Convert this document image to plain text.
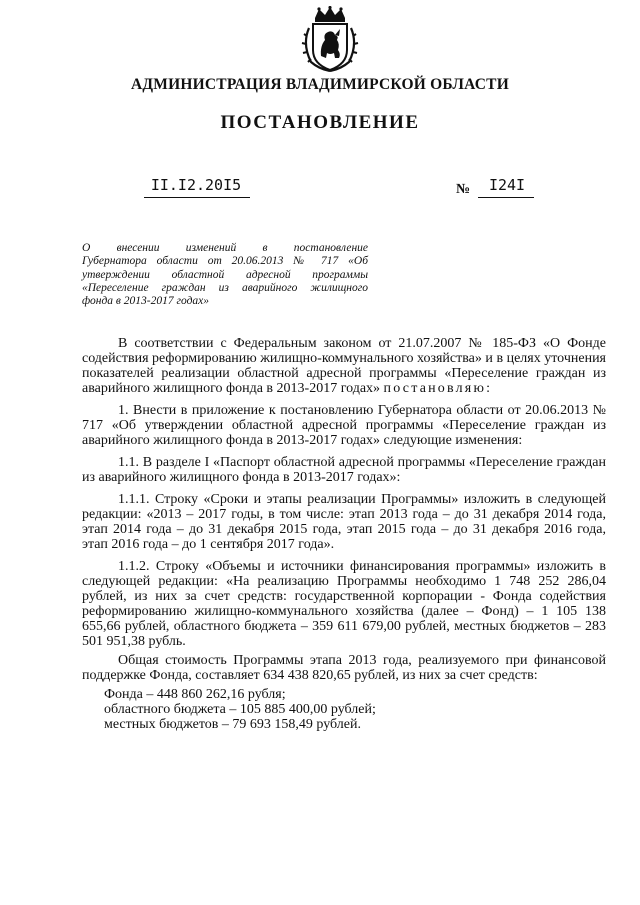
АДМИНИСТРАЦИЯ ВЛАДИМИРСКОЙ ОБЛАСТИ
ПОСТАНОВЛЕНИЕ
II.I2.20I5	№	I24I
О внесении изменений в постановление
Губернатора области от 20.06.2013 № 717 «Об
утверждении областной адресной программы
«Переселение граждан из аварийного жилищного
фонда в 2013-2017 годах»

В соответствии с Федеральным законом от 21.07.2007 № 185-ФЗ «О Фонде содействия реформированию жилищно-коммунального хозяйства» и в целях уточнения показателей реализации областной адресной программы «Переселение граждан из аварийного жилищного фонда в 2013-2017 годах» постановляю:

1. Внести в приложение к постановлению Губернатора области от 20.06.2013 № 717 «Об утверждении областной адресной программы «Переселение граждан из аварийного жилищного фонда в 2013-2017 годах» следующие изменения:

1.1. В разделе I «Паспорт областной адресной программы «Переселение граждан из аварийного жилищного фонда в 2013-2017 годах»:

1.1.1. Строку «Сроки и этапы реализации Программы» изложить в следующей редакции: «2013 – 2017 годы, в том числе: этап 2013 года – до 31 декабря 2014 года, этап 2014 года – до 31 декабря 2015 года, этап 2015 года – до 31 декабря 2016 года, этап 2016 года – до 1 сентября 2017 года».

1.1.2. Строку «Объемы и источники финансирования программы» изложить в следующей редакции: «На реализацию Программы необходимо 1 748 252 286,04 рублей, из них за счет средств: государственной корпорации - Фонда содействия реформированию жилищно-коммунального хозяйства (далее – Фонд) – 1 105 138 655,66 рублей, областного бюджета – 359 611 679,00 рублей, местных бюджетов – 283 501 951,38 рубль.

Общая стоимость Программы этапа 2013 года, реализуемого при финансовой поддержке Фонда, составляет 634 438 820,65 рублей, из них за счет средств:

Фонда – 448 860 262,16 рубля;

областного бюджета – 105 885 400,00 рублей;

местных бюджетов – 79 693 158,49 рублей.
